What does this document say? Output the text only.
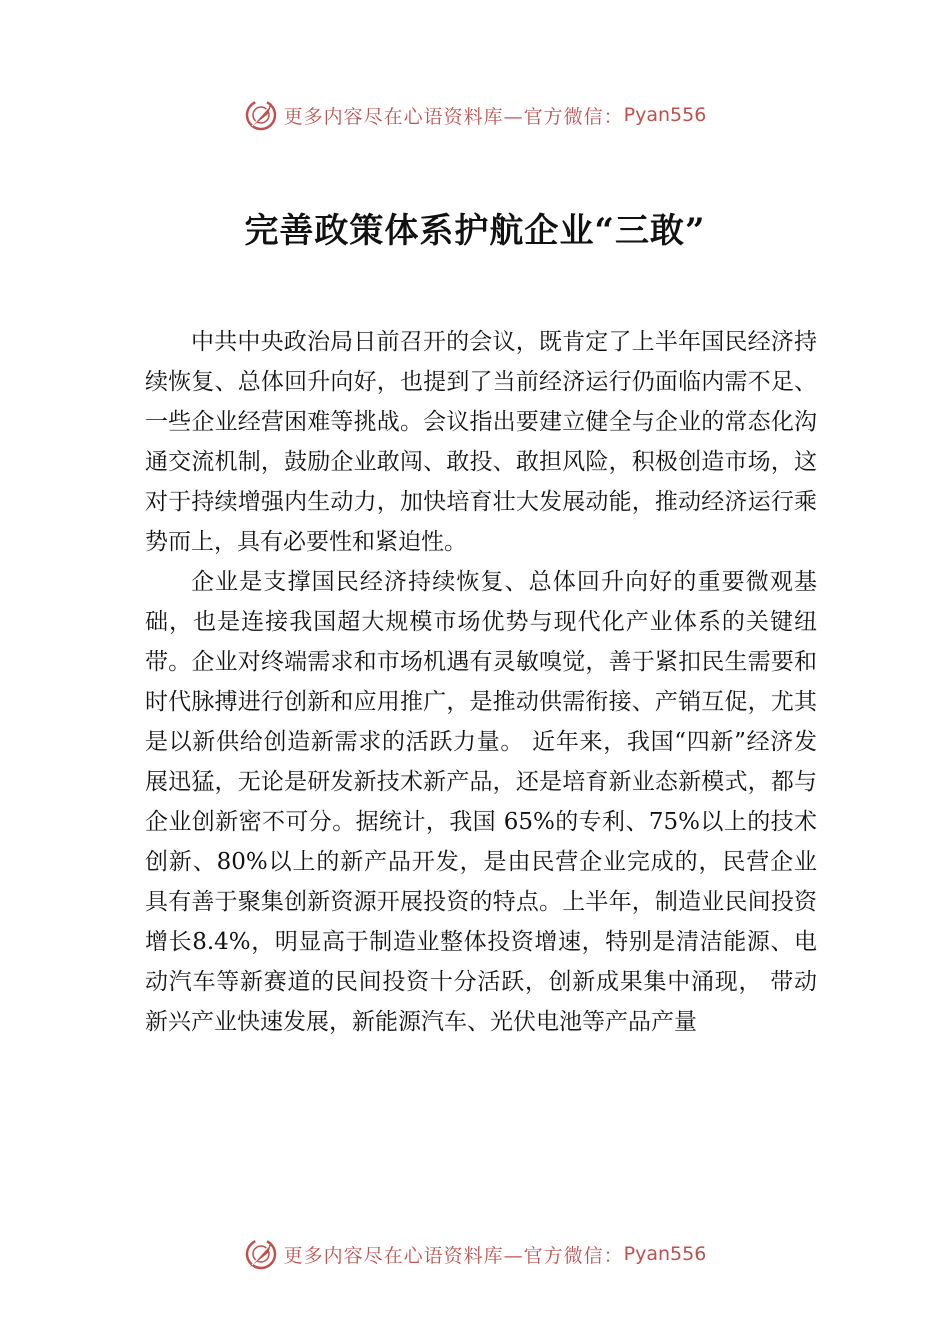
更多内容尽在心语资料库—官方微信： Pyan556
完善政策体系护航企业“三敢”

中共中央政治局日前召开的会议，既肯定了上半年国民经济持续恢复、总体回升向好，也提到了当前经济运行仍面临内需不足、一些企业经营困难等挑战。会议指出要建立健全与企业的常态化沟通交流机制，鼓励企业敢闯、敢投、敢担风险，积极创造市场，这对于持续增强内生动力，加快培育壮大发展动能，推动经济运行乘势而上，具有必要性和紧迫性。

企业是支撑国民经济持续恢复、总体回升向好的重要微观基础，也是连接我国超大规模市场优势与现代化产业体系的关键纽带。企业对终端需求和市场机遇有灵敏嗅觉，善于紧扣民生需要和时代脉搏进行创新和应用推广，是推动供需衔接、产销互促，尤其是以新供给创造新需求的活跃力量。 近年来，我国“四新”经济发展迅猛，无论是研发新技术新产品，还是培育新业态新模式，都与企业创新密不可分。据统计，我国 65%的专利、75%以上的技术创新、80%以上的新产品开发，是由民营企业完成的，民营企业具有善于聚集创新资源开展投资的特点。上半年，制造业民间投资增长8.4%，明显高于制造业整体投资增速，特别是清洁能源、电动汽车等新赛道的民间投资十分活跃，创新成果集中涌现， 带动新兴产业快速发展，新能源汽车、光伏电池等产品产量

更多内容尽在心语资料库—官方微信： Pyan556
